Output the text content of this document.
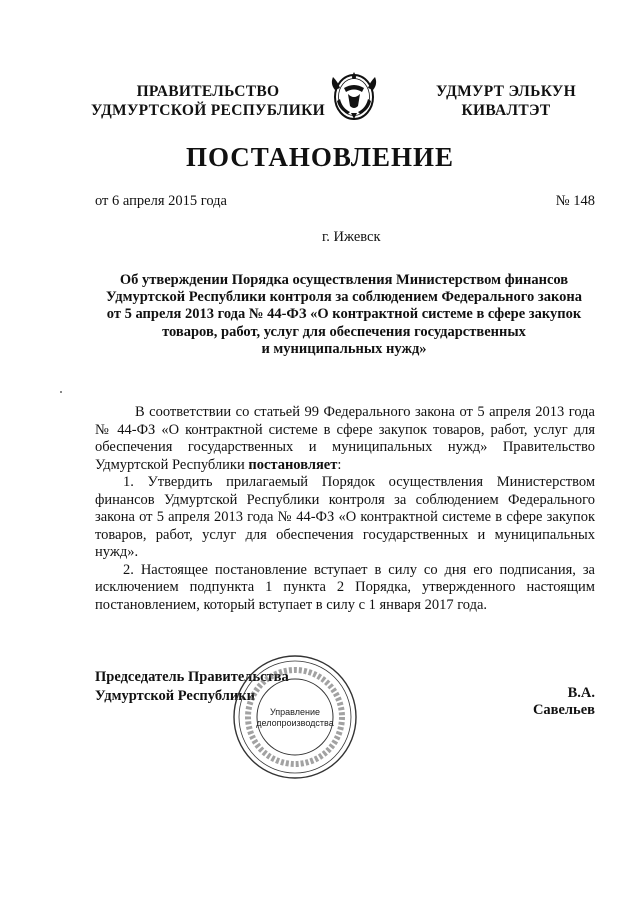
ПРАВИТЕЛЬСТВО
УДМУРТСКОЙ РЕСПУБЛИКИ
УДМУРТ ЭЛЬКУН
КИВАЛТЭТ
ПОСТАНОВЛЕНИЕ
от 6 апреля 2015 года	№ 148
г. Ижевск
Об утверждении Порядка осуществления Министерством финансов
Удмуртской Республики контроля за соблюдением Федерального закона
от 5 апреля 2013 года № 44-ФЗ «О контрактной системе в сфере закупок
товаров, работ, услуг для обеспечения государственных
и муниципальных нужд»

В соответствии со статьей 99 Федерального закона от 5 апреля 2013 года

№ 44-ФЗ «О контрактной системе в сфере закупок товаров, работ, услуг для

обеспечения государственных и муниципальных нужд» Правительство

Удмуртской Республики постановляет:

1. Утвердить прилагаемый Порядок осуществления Министерством

финансов Удмуртской Республики контроля за соблюдением Федерального

закона от 5 апреля 2013 года № 44-ФЗ «О контрактной системе в сфере закупок

товаров, работ, услуг для обеспечения государственных и муниципальных

нужд».

2. Настоящее постановление вступает в силу со дня его подписания, за

исключением подпункта 1 пункта 2 Порядка, утвержденного настоящим

постановлением, который вступает в силу с 1 января 2017 года.

Председатель Правительства
Удмуртской Республики
Управление
делопроизводства
В.А. Савельев
